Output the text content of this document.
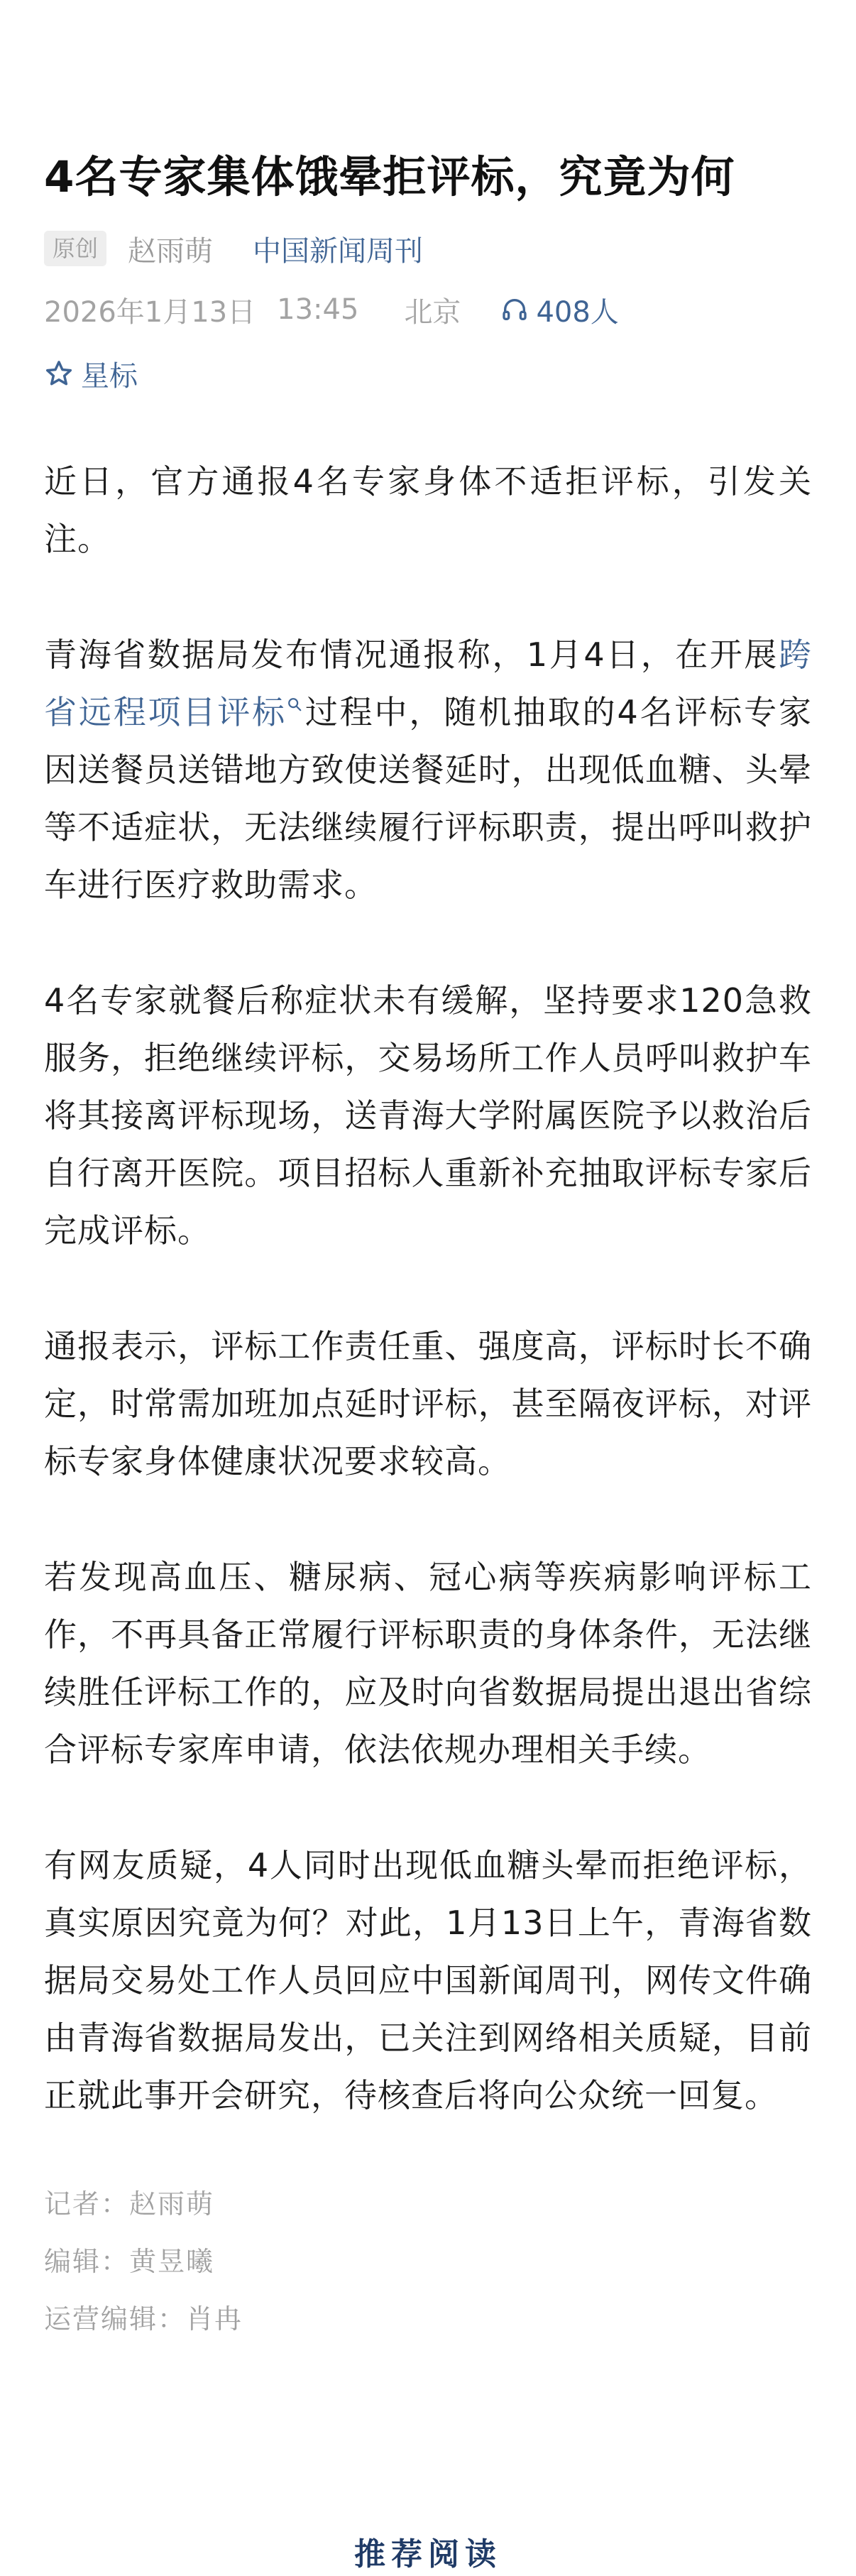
4名专家集体饿晕拒评标，究竟为何
原创	赵雨萌 中国新闻周刊
2026年1月13日 13:45 北京	408人
星标

近日，官方通报4名专家身体不适拒评标，引发关注。

青海省数据局发布情况通报称，1月4日，在开展跨省远程项目评标 过程中，随机抽取的4名评标专家因送餐员送错地方致使送餐延时，出现低血糖、头晕等不适症状，无法继续履行评标职责，提出呼叫救护车进行医疗救助需求。

4名专家就餐后称症状未有缓解，坚持要求120急救服务，拒绝继续评标，交易场所工作人员呼叫救护车将其接离评标现场，送青海大学附属医院予以救治后自行离开医院。项目招标人重新补充抽取评标专家后完成评标。

通报表示，评标工作责任重、强度高，评标时长不确定，时常需加班加点延时评标，甚至隔夜评标，对评标专家身体健康状况要求较高。

若发现高血压、糖尿病、冠心病等疾病影响评标工作，不再具备正常履行评标职责的身体条件，无法继续胜任评标工作的，应及时向省数据局提出退出省综合评标专家库申请，依法依规办理相关手续。

有网友质疑，4人同时出现低血糖头晕而拒绝评标，真实原因究竟为何？对此，1月13日上午，青海省数据局交易处工作人员回应中国新闻周刊，网传文件确由青海省数据局发出，已关注到网络相关质疑，目前正就此事开会研究，待核查后将向公众统一回复。

记者：赵雨萌
编辑：黄昱曦
运营编辑：肖冉
推荐阅读
